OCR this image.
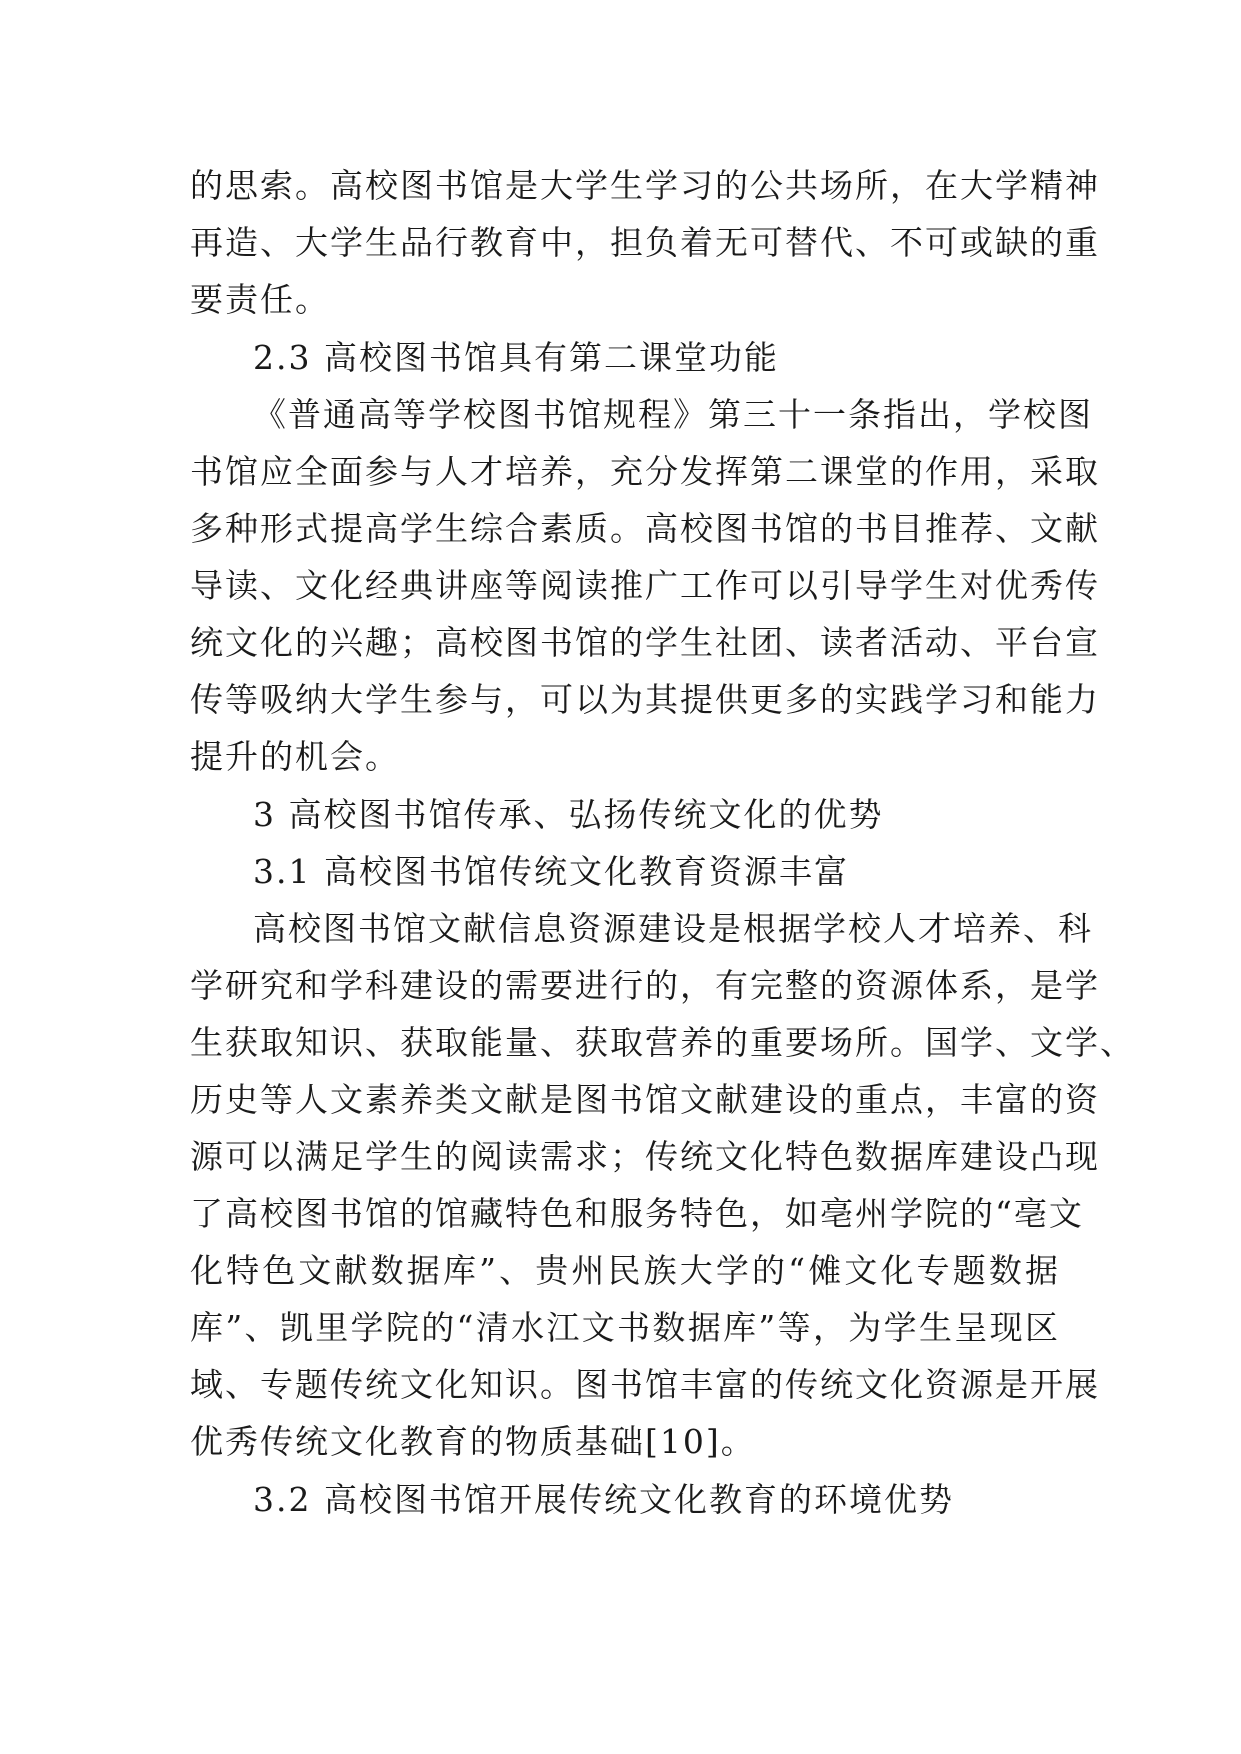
的思索。高校图书馆是大学生学习的公共场所，在大学精神
再造、大学生品行教育中，担负着无可替代、不可或缺的重
要责任。
2.3 高校图书馆具有第二课堂功能
《普通高等学校图书馆规程》第三十一条指出，学校图
书馆应全面参与人才培养，充分发挥第二课堂的作用，采取
多种形式提高学生综合素质。高校图书馆的书目推荐、文献
导读、文化经典讲座等阅读推广工作可以引导学生对优秀传
统文化的兴趣；高校图书馆的学生社团、读者活动、平台宣
传等吸纳大学生参与，可以为其提供更多的实践学习和能力
提升的机会。
3 高校图书馆传承、弘扬传统文化的优势
3.1 高校图书馆传统文化教育资源丰富
高校图书馆文献信息资源建设是根据学校人才培养、科
学研究和学科建设的需要进行的，有完整的资源体系，是学
生获取知识、获取能量、获取营养的重要场所。国学、文学、
历史等人文素养类文献是图书馆文献建设的重点，丰富的资
源可以满足学生的阅读需求；传统文化特色数据库建设凸现
了高校图书馆的馆藏特色和服务特色，如亳州学院的“亳文
化特色文献数据库”、贵州民族大学的“傩文化专题数据
库”、凯里学院的“清水江文书数据库”等，为学生呈现区
域、专题传统文化知识。图书馆丰富的传统文化资源是开展
优秀传统文化教育的物质基础[10]。
3.2 高校图书馆开展传统文化教育的环境优势
